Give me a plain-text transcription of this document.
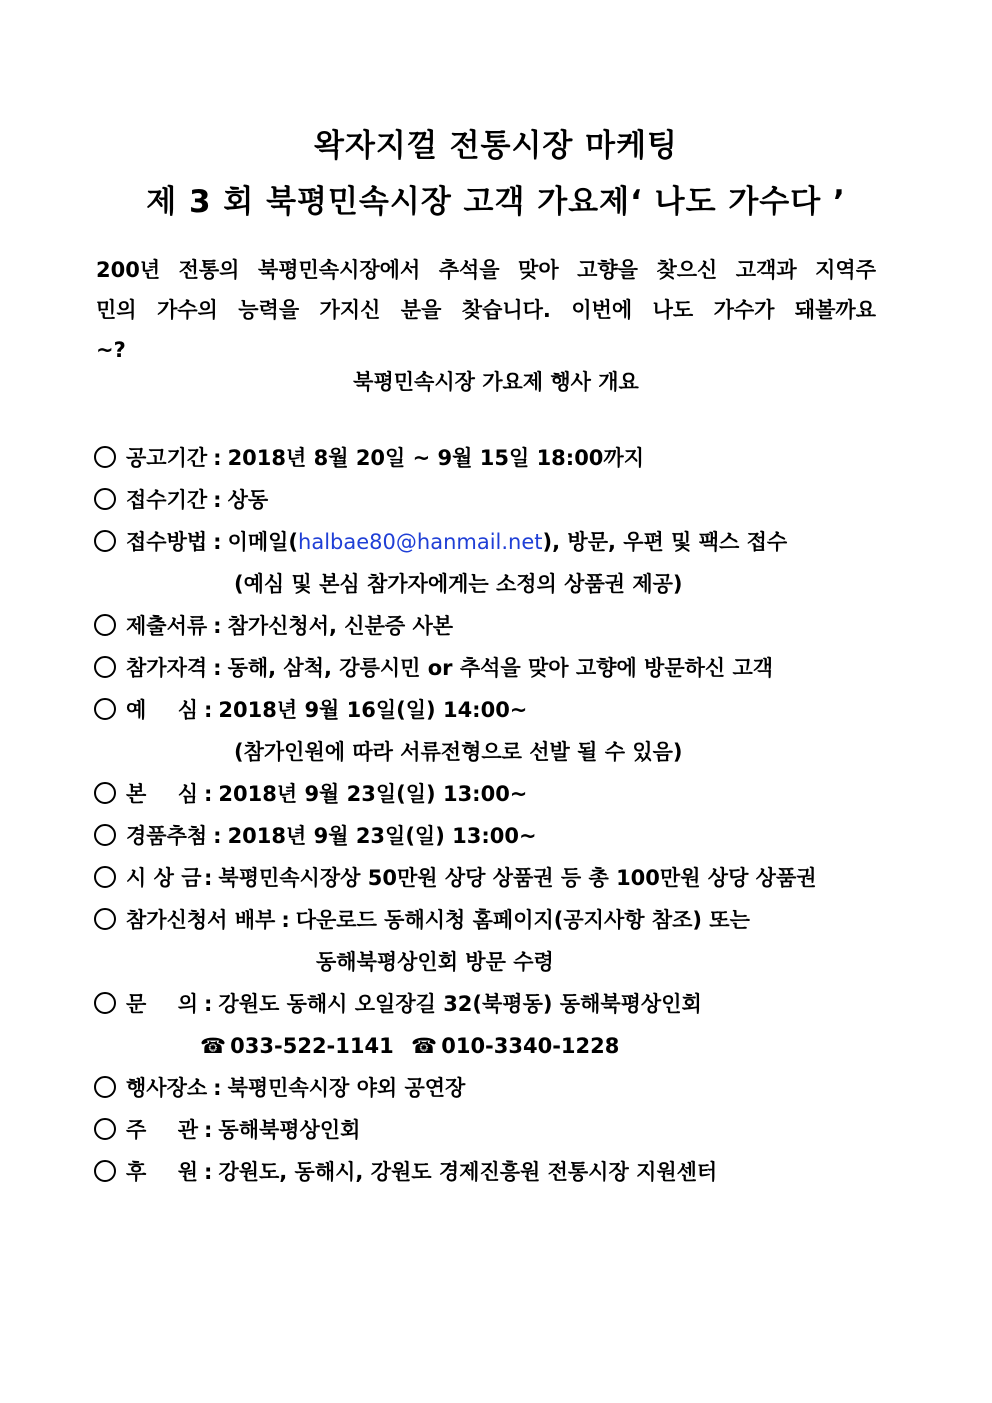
왁자지껄 전통시장 마케팅
제 3 회 북평민속시장 고객 가요제‘ 나도 가수다 ’
200년 전통의 북평민속시장에서 추석을 맞아 고향을 찾으신 고객과 지역주민의 가수의 능력을 가지신 분을 찾습니다. 이번에 나도 가수가 돼볼까요~?
북평민속시장 가요제 행사 개요
공고기간 : 2018년 8월 20일 ~ 9월 15일 18:00까지
접수기간 : 상동
접수방법 : 이메일(halbae80@hanmail.net), 방문, 우편 및 팩스 접수
(예심 및 본심 참가자에게는 소정의 상품권 제공)
제출서류 : 참가신청서, 신분증 사본
참가자격 : 동해, 삼척, 강릉시민 or 추석을 맞아 고향에 방문하신 고객
예 심 : 2018년 9월 16일(일) 14:00~
(참가인원에 따라 서류전형으로 선발 될 수 있음)
본 심 : 2018년 9월 23일(일) 13:00~
경품추첨 : 2018년 9월 23일(일) 13:00~
시 상 금 : 북평민속시장상 50만원 상당 상품권 등 총 100만원 상당 상품권
참가신청서 배부 : 다운로드 동해시청 홈페이지(공지사항 참조) 또는
동해북평상인회 방문 수령
문 의 : 강원도 동해시 오일장길 32(북평동) 동해북평상인회
☎ 033-522-1141 ☎ 010-3340-1228
행사장소 : 북평민속시장 야외 공연장
주 관 : 동해북평상인회
후 원 : 강원도, 동해시, 강원도 경제진흥원 전통시장 지원센터
